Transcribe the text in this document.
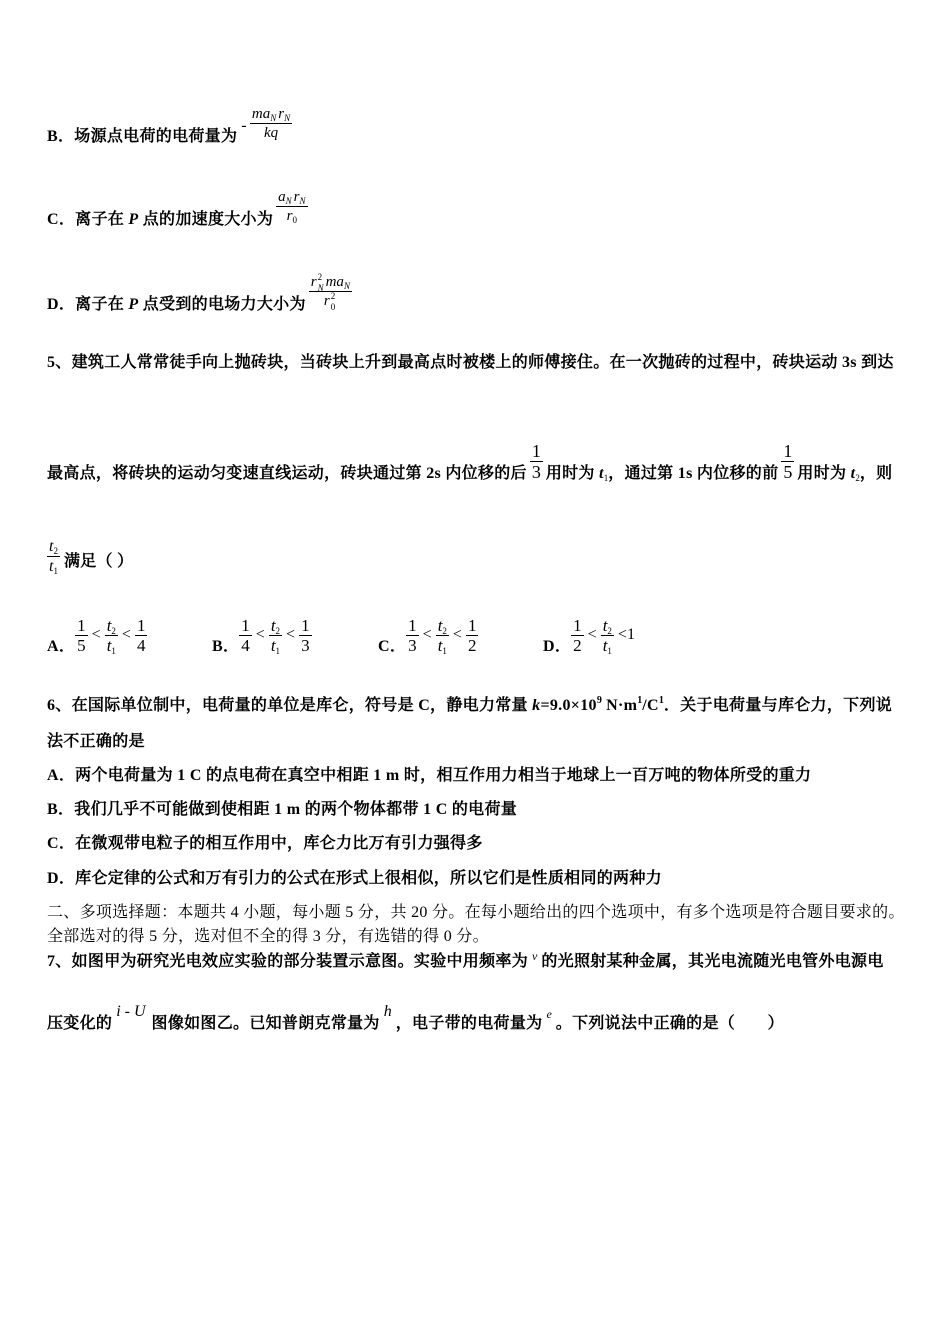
B．场源点电荷的电荷量为- $\frac{ma_N r_N}{kq}$
C．离子在 P 点的加速度大小为 $\frac{a_N r_N}{r_0}$
D．离子在 P 点受到的电场力大小为 r 2
N $ma_N$
r 2
0
5、建筑工人常常徒手向上抛砖块，当砖块上升到最高点时被楼上的师傅接住。在一次抛砖的过程中，砖块运动 3s 到达
最高点，将砖块的运动匀变速直线运动，砖块通过第 2s 内位移的后 $\frac{1}{3}$ 用时为 t1，通过第 1s 内位移的前 $\frac{1}{5}$ 用时为 t2，则
$\frac{t2}{t1}$ 满足（ ）
A． $\frac{1}{5} < \frac{t2}{t1} < \frac{1}{4}$	B． $\frac{1}{4} < \frac{t2}{t1} < \frac{1}{3}$	C． $\frac{1}{3} < \frac{t2}{t1} < \frac{1}{2}$	D． $\frac{1}{2} < \frac{t2}{t1} <1$
6、在国际单位制中，电荷量的单位是库仑，符号是 C，静电力常量 $k=9.0\times 10^9$ $N\cdot m^1/C^1$．关于电荷量与库仑力，下列说
法不正确的是
A．两个电荷量为 1 C 的点电荷在真空中相距 1 m 时，相互作用力相当于地球上一百万吨的物体所受的重力
B．我们几乎不可能做到使相距 1 m 的两个物体都带 1 C 的电荷量
C．在微观带电粒子的相互作用中，库仑力比万有引力强得多
D．库仑定律的公式和万有引力的公式在形式上很相似，所以它们是性质相同的两种力
二、多项选择题：本题共 4 小题，每小题 5 分，共 20 分。在每小题给出的四个选项中，有多个选项是符合题目要求的。
全部选对的得 5 分，选对但不全的得 3 分，有选错的得 0 分。
7、如图甲为研究光电效应实验的部分装置示意图。实验中用频率为 $^\nu$ 的光照射某种金属，其光电流随光电管外电源电
压变化的i - U图像如图乙。已知普朗克常量为h，电子带的电荷量为$^e$。下列说法中正确的是（　　）
